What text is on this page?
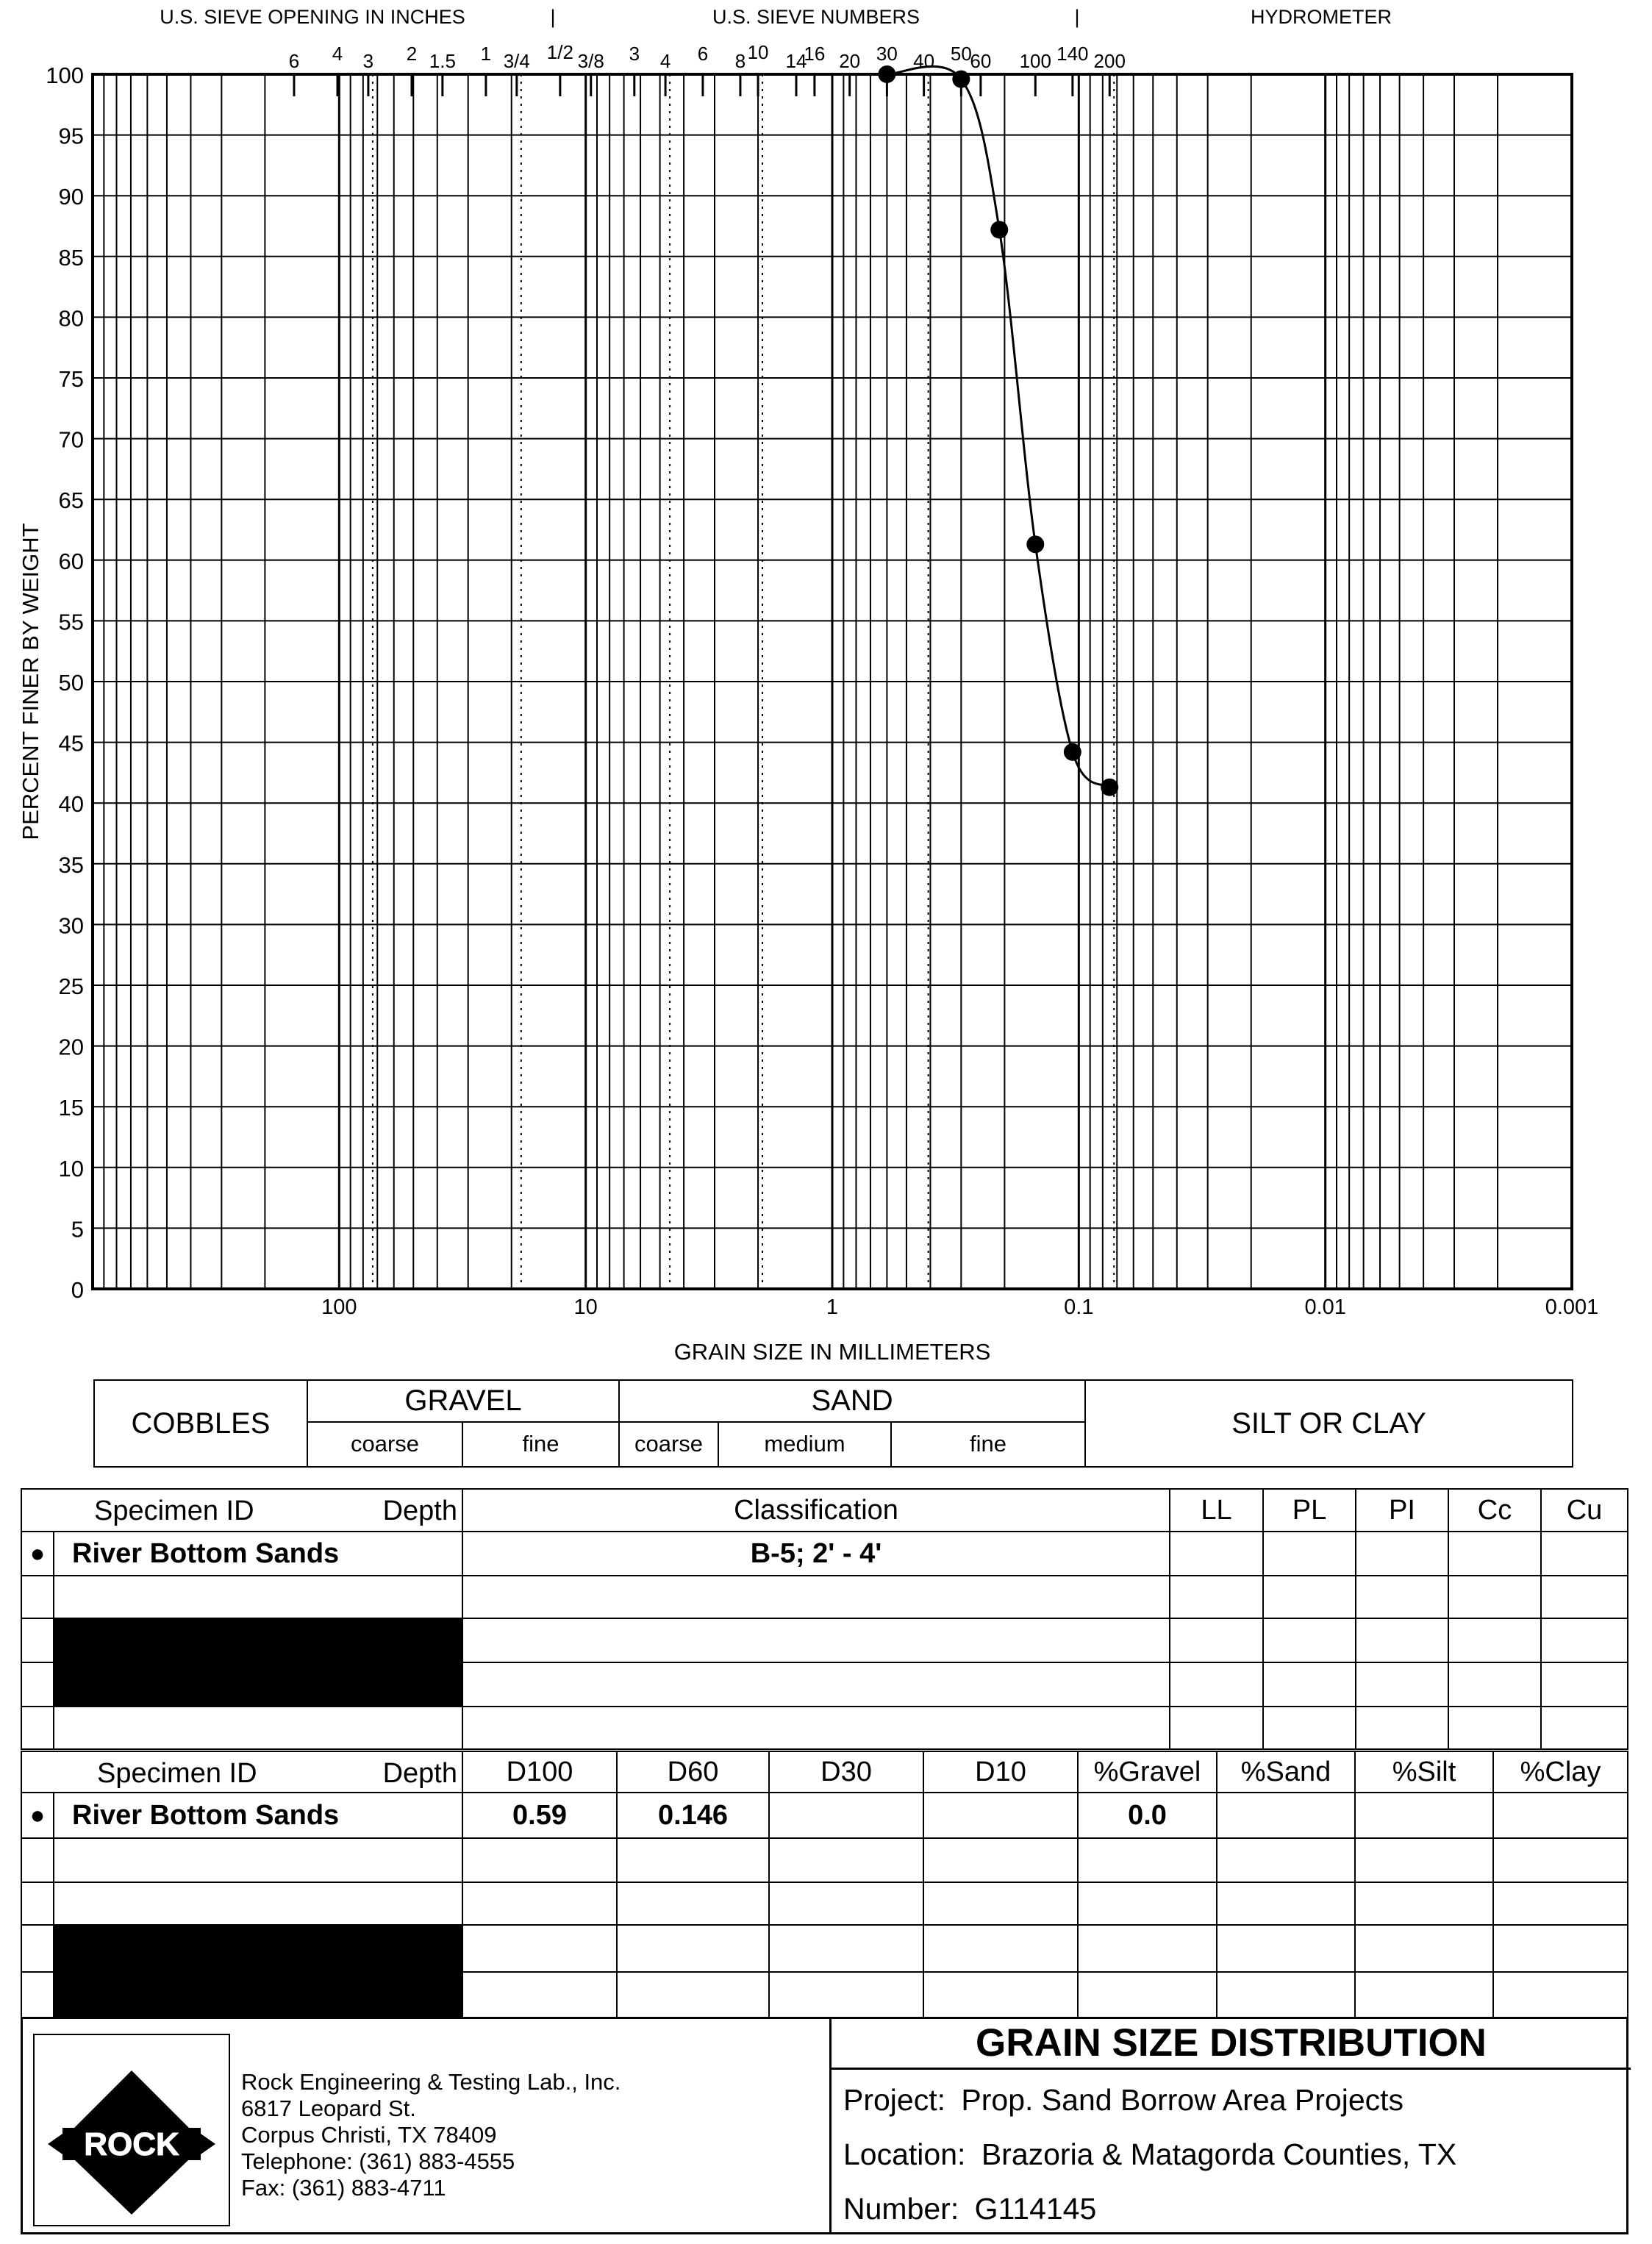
U.S. SIEVE OPENING IN INCHES	|	U.S. SIEVE NUMBERS	|	HYDROMETER
6 4 3 2 1.5 1 3/4 1/2 3/8 3 4 6 8 10 14
16 20 30 40 50
60 100 140 200
0
5
10
15
20
25
30
35
40
45
50
55
60
65
70
75
80
85
90
95
100
100	10	1	0.1	0.01	0.001
GRAIN SIZE IN MILLIMETERS
PERCENT FINER BY WEIGHT
COBBLES	GRAVEL		SAND			SILT OR CLAY
	coarse	fine	coarse	medium	fine	
Specimen ID Depth		Classification	LL	PL	PI	Cc	Cu
●	River Bottom Sands	B-5; 2' - 4'					

Specimen ID Depth		D100	D60	D30	D10	%Gravel	%Sand	%Silt	%Clay
●	River Bottom Sands	0.59	0.146			0.0			

ROCK
Rock Engineering & Testing Lab., Inc.
6817 Leopard St.
Corpus Christi, TX 78409
Telephone: (361) 883-4555
Fax: (361) 883-4711
GRAIN SIZE DISTRIBUTION
Project: Prop. Sand Borrow Area Projects
Location: Brazoria & Matagorda Counties, TX
Number: G114145
